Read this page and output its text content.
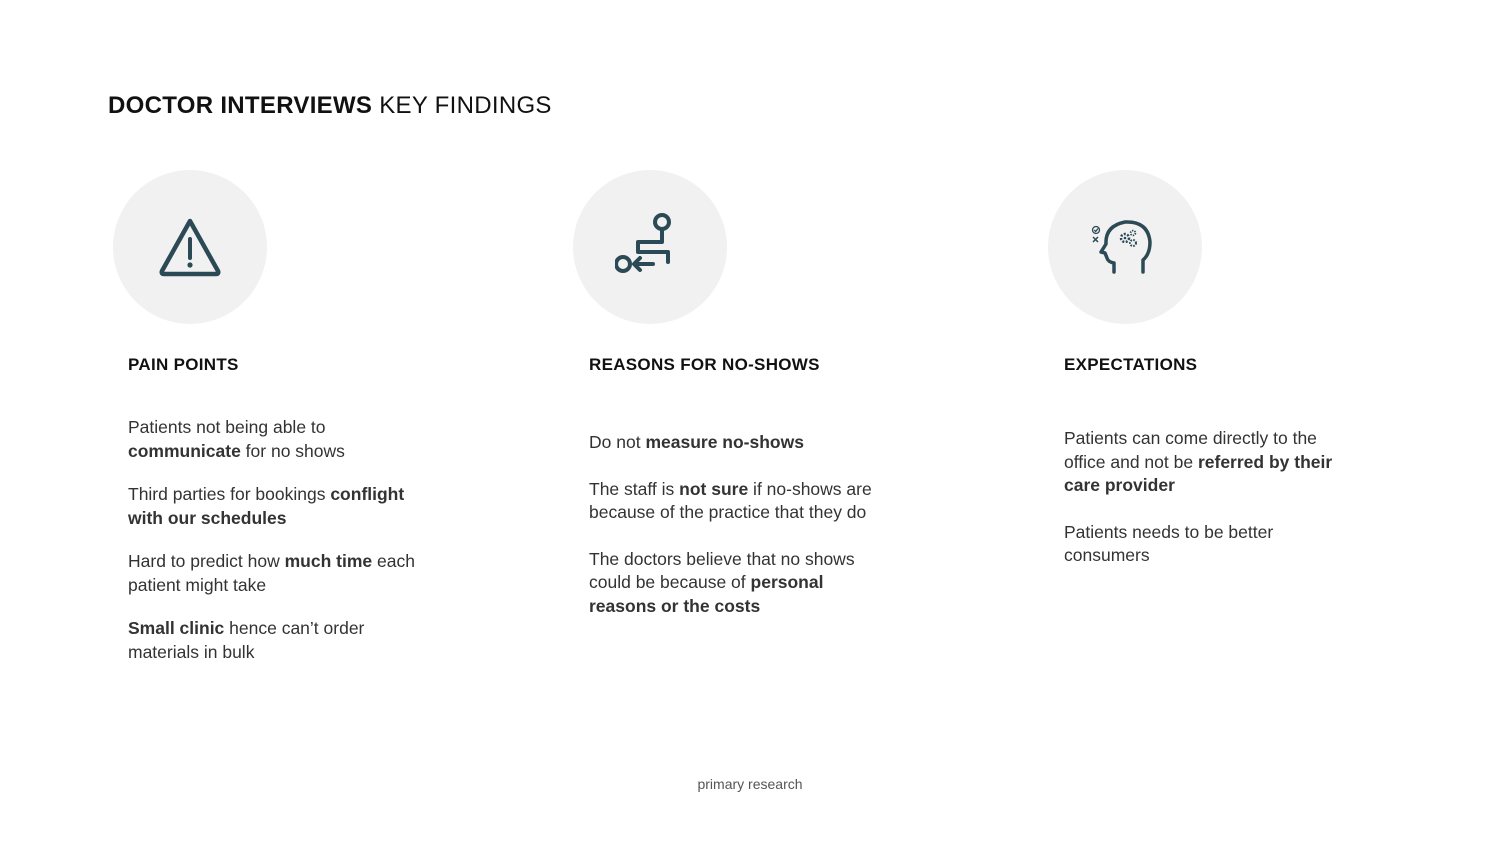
DOCTOR INTERVIEWS KEY FINDINGS
PAIN POINTS
Patients not being able to communicate for no shows
Third parties for bookings conflight with our schedules
Hard to predict how much time each patient might take
Small clinic hence can’t order materials in bulk
REASONS FOR NO-SHOWS
Do not measure no-shows
The staff is not sure if no-shows are because of the practice that they do
The doctors believe that no shows could be because of personal reasons or the costs
EXPECTATIONS
Patients can come directly to the office and not be referred by their care provider
Patients needs to be better consumers

primary research
